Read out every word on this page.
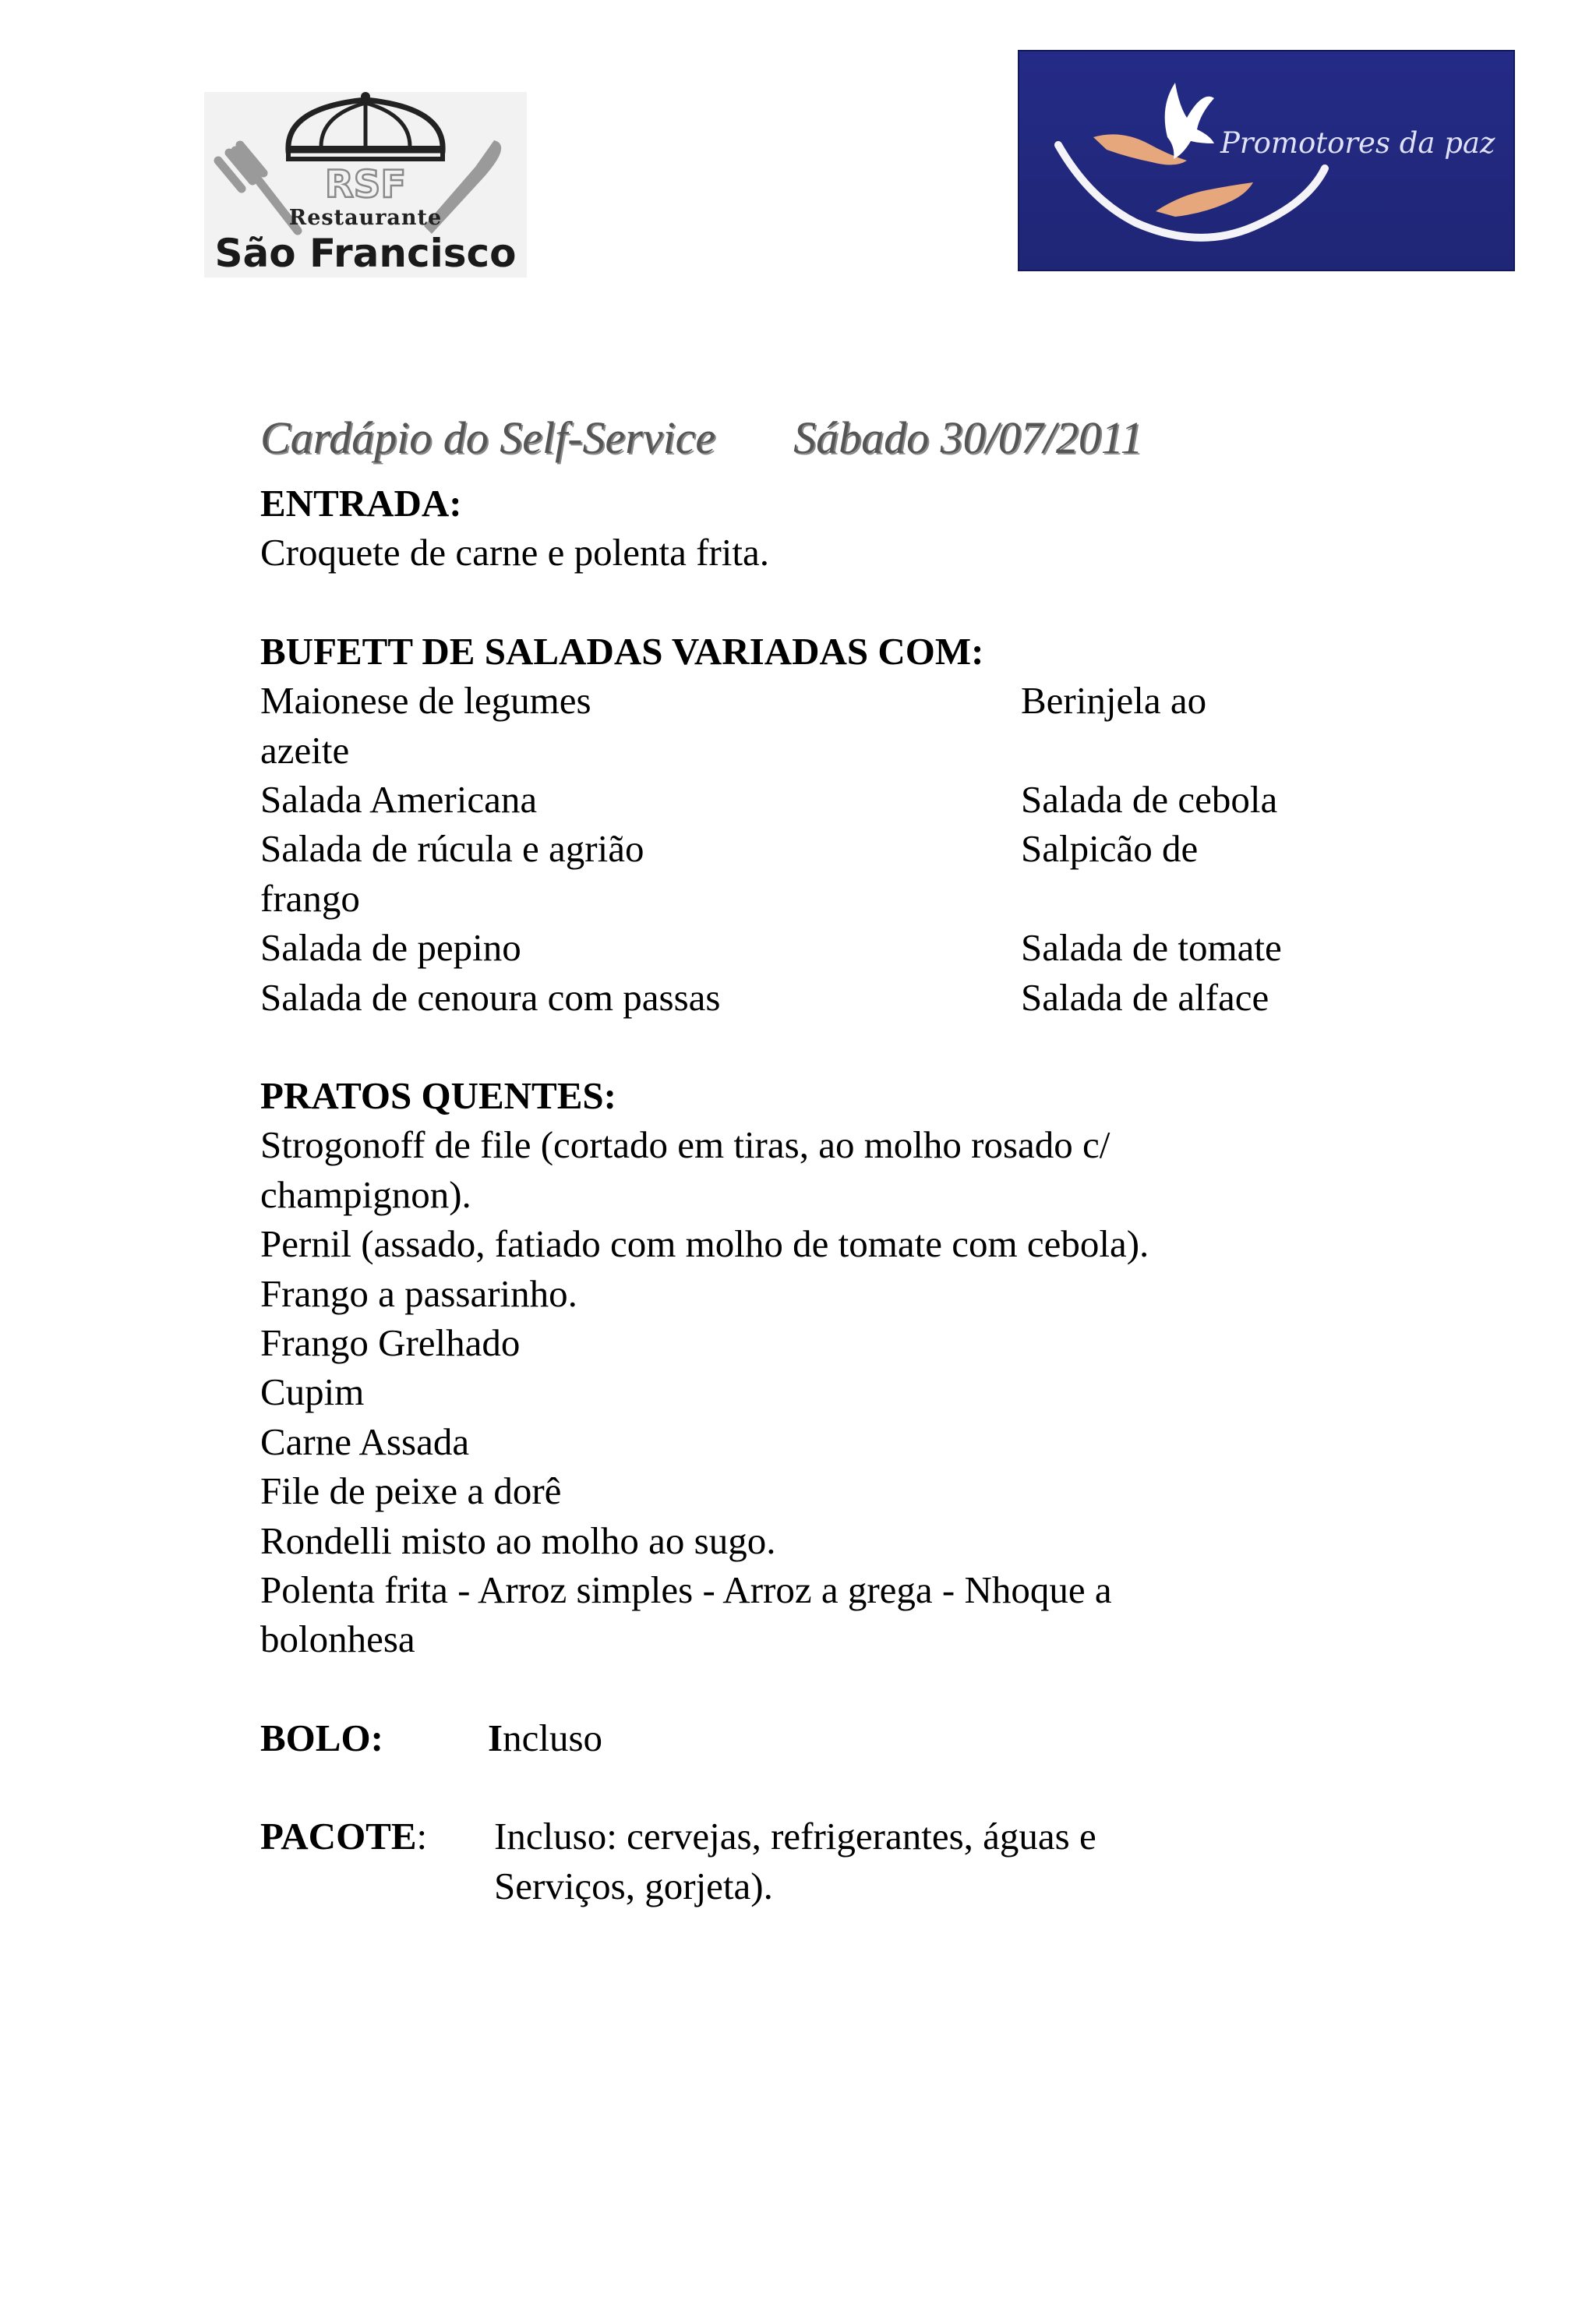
RSF
Restaurante
São Francisco
Promotores da paz
Cardápio do Self-Service Sábado 30/07/2011
ENTRADA:
Croquete de carne e polenta frita.
BUFETT DE SALADAS VARIADAS COM:
Maionese de legumes	Berinjela ao
azeite
Salada Americana	Salada de cebola
Salada de rúcula e agrião	Salpicão de
frango
Salada de pepino	Salada de tomate
Salada de cenoura com passas	Salada de alface
PRATOS QUENTES:
Strogonoff de file (cortado em tiras, ao molho rosado c/
champignon).
Pernil (assado, fatiado com molho de tomate com cebola).
Frango a passarinho.
Frango Grelhado
Cupim
Carne Assada
File de peixe a dorê
Rondelli misto ao molho ao sugo.
Polenta frita - Arroz simples - Arroz a grega - Nhoque a
bolonhesa
BOLO:	Incluso
PACOTE: Incluso: cervejas, refrigerantes, águas e
Serviços, gorjeta).
